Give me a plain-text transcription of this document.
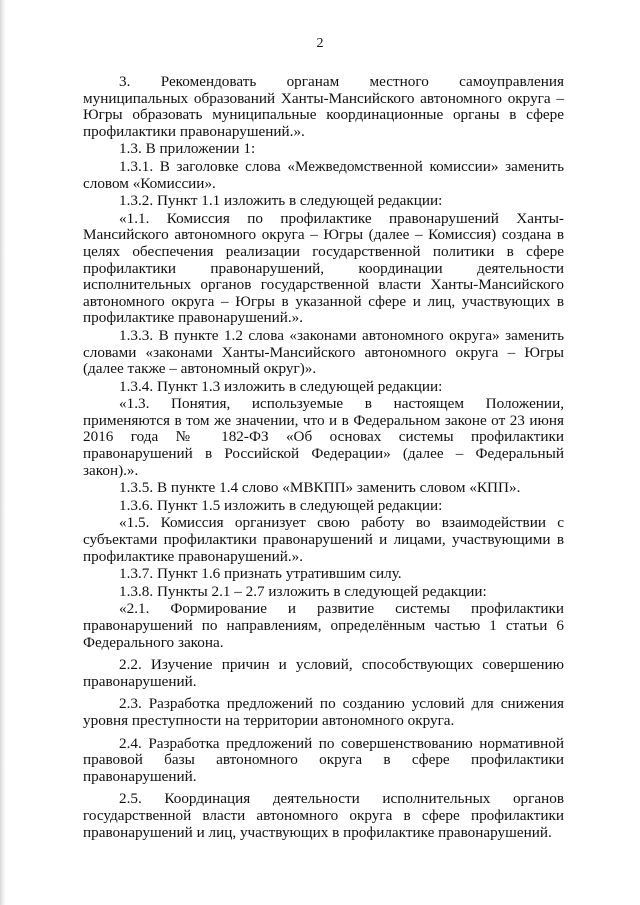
2

3. Рекомендовать органам местного самоуправления муниципальных образований Ханты-Мансийского автономного округа – Югры образовать муниципальные координационные органы в сфере профилактики правонарушений.».

1.3. В приложении 1:

1.3.1. В заголовке слова «Межведомственной комиссии» заменить словом «Комиссии».

1.3.2. Пункт 1.1 изложить в следующей редакции:

«1.1. Комиссия по профилактике правонарушений Ханты-Мансийского автономного округа – Югры (далее – Комиссия) создана в целях обеспечения реализации государственной политики в сфере профилактики правонарушений, координации деятельности исполнительных органов государственной власти Ханты-Мансийского автономного округа – Югры в указанной сфере и лиц, участвующих в профилактике правонарушений.».

1.3.3. В пункте 1.2 слова «законами автономного округа» заменить словами «законами Ханты-Мансийского автономного округа – Югры (далее также – автономный округ)».

1.3.4. Пункт 1.3 изложить в следующей редакции:

«1.3. Понятия, используемые в настоящем Положении, применяются в том же значении, что и в Федеральном законе от 23 июня 2016 года № 182-ФЗ «Об основах системы профилактики правонарушений в Российской Федерации» (далее – Федеральный закон).».

1.3.5. В пункте 1.4 слово «МВКПП» заменить словом «КПП».

1.3.6. Пункт 1.5 изложить в следующей редакции:

«1.5. Комиссия организует свою работу во взаимодействии с субъектами профилактики правонарушений и лицами, участвующими в профилактике правонарушений.».

1.3.7. Пункт 1.6 признать утратившим силу.

1.3.8. Пункты 2.1 – 2.7 изложить в следующей редакции:

«2.1. Формирование и развитие системы профилактики правонарушений по направлениям, определённым частью 1 статьи 6 Федерального закона.

2.2. Изучение причин и условий, способствующих совершению правонарушений.

2.3. Разработка предложений по созданию условий для снижения уровня преступности на территории автономного округа.

2.4. Разработка предложений по совершенствованию нормативной правовой базы автономного округа в сфере профилактики правонарушений.

2.5. Координация деятельности исполнительных органов государственной власти автономного округа в сфере профилактики правонарушений и лиц, участвующих в профилактике правонарушений.
